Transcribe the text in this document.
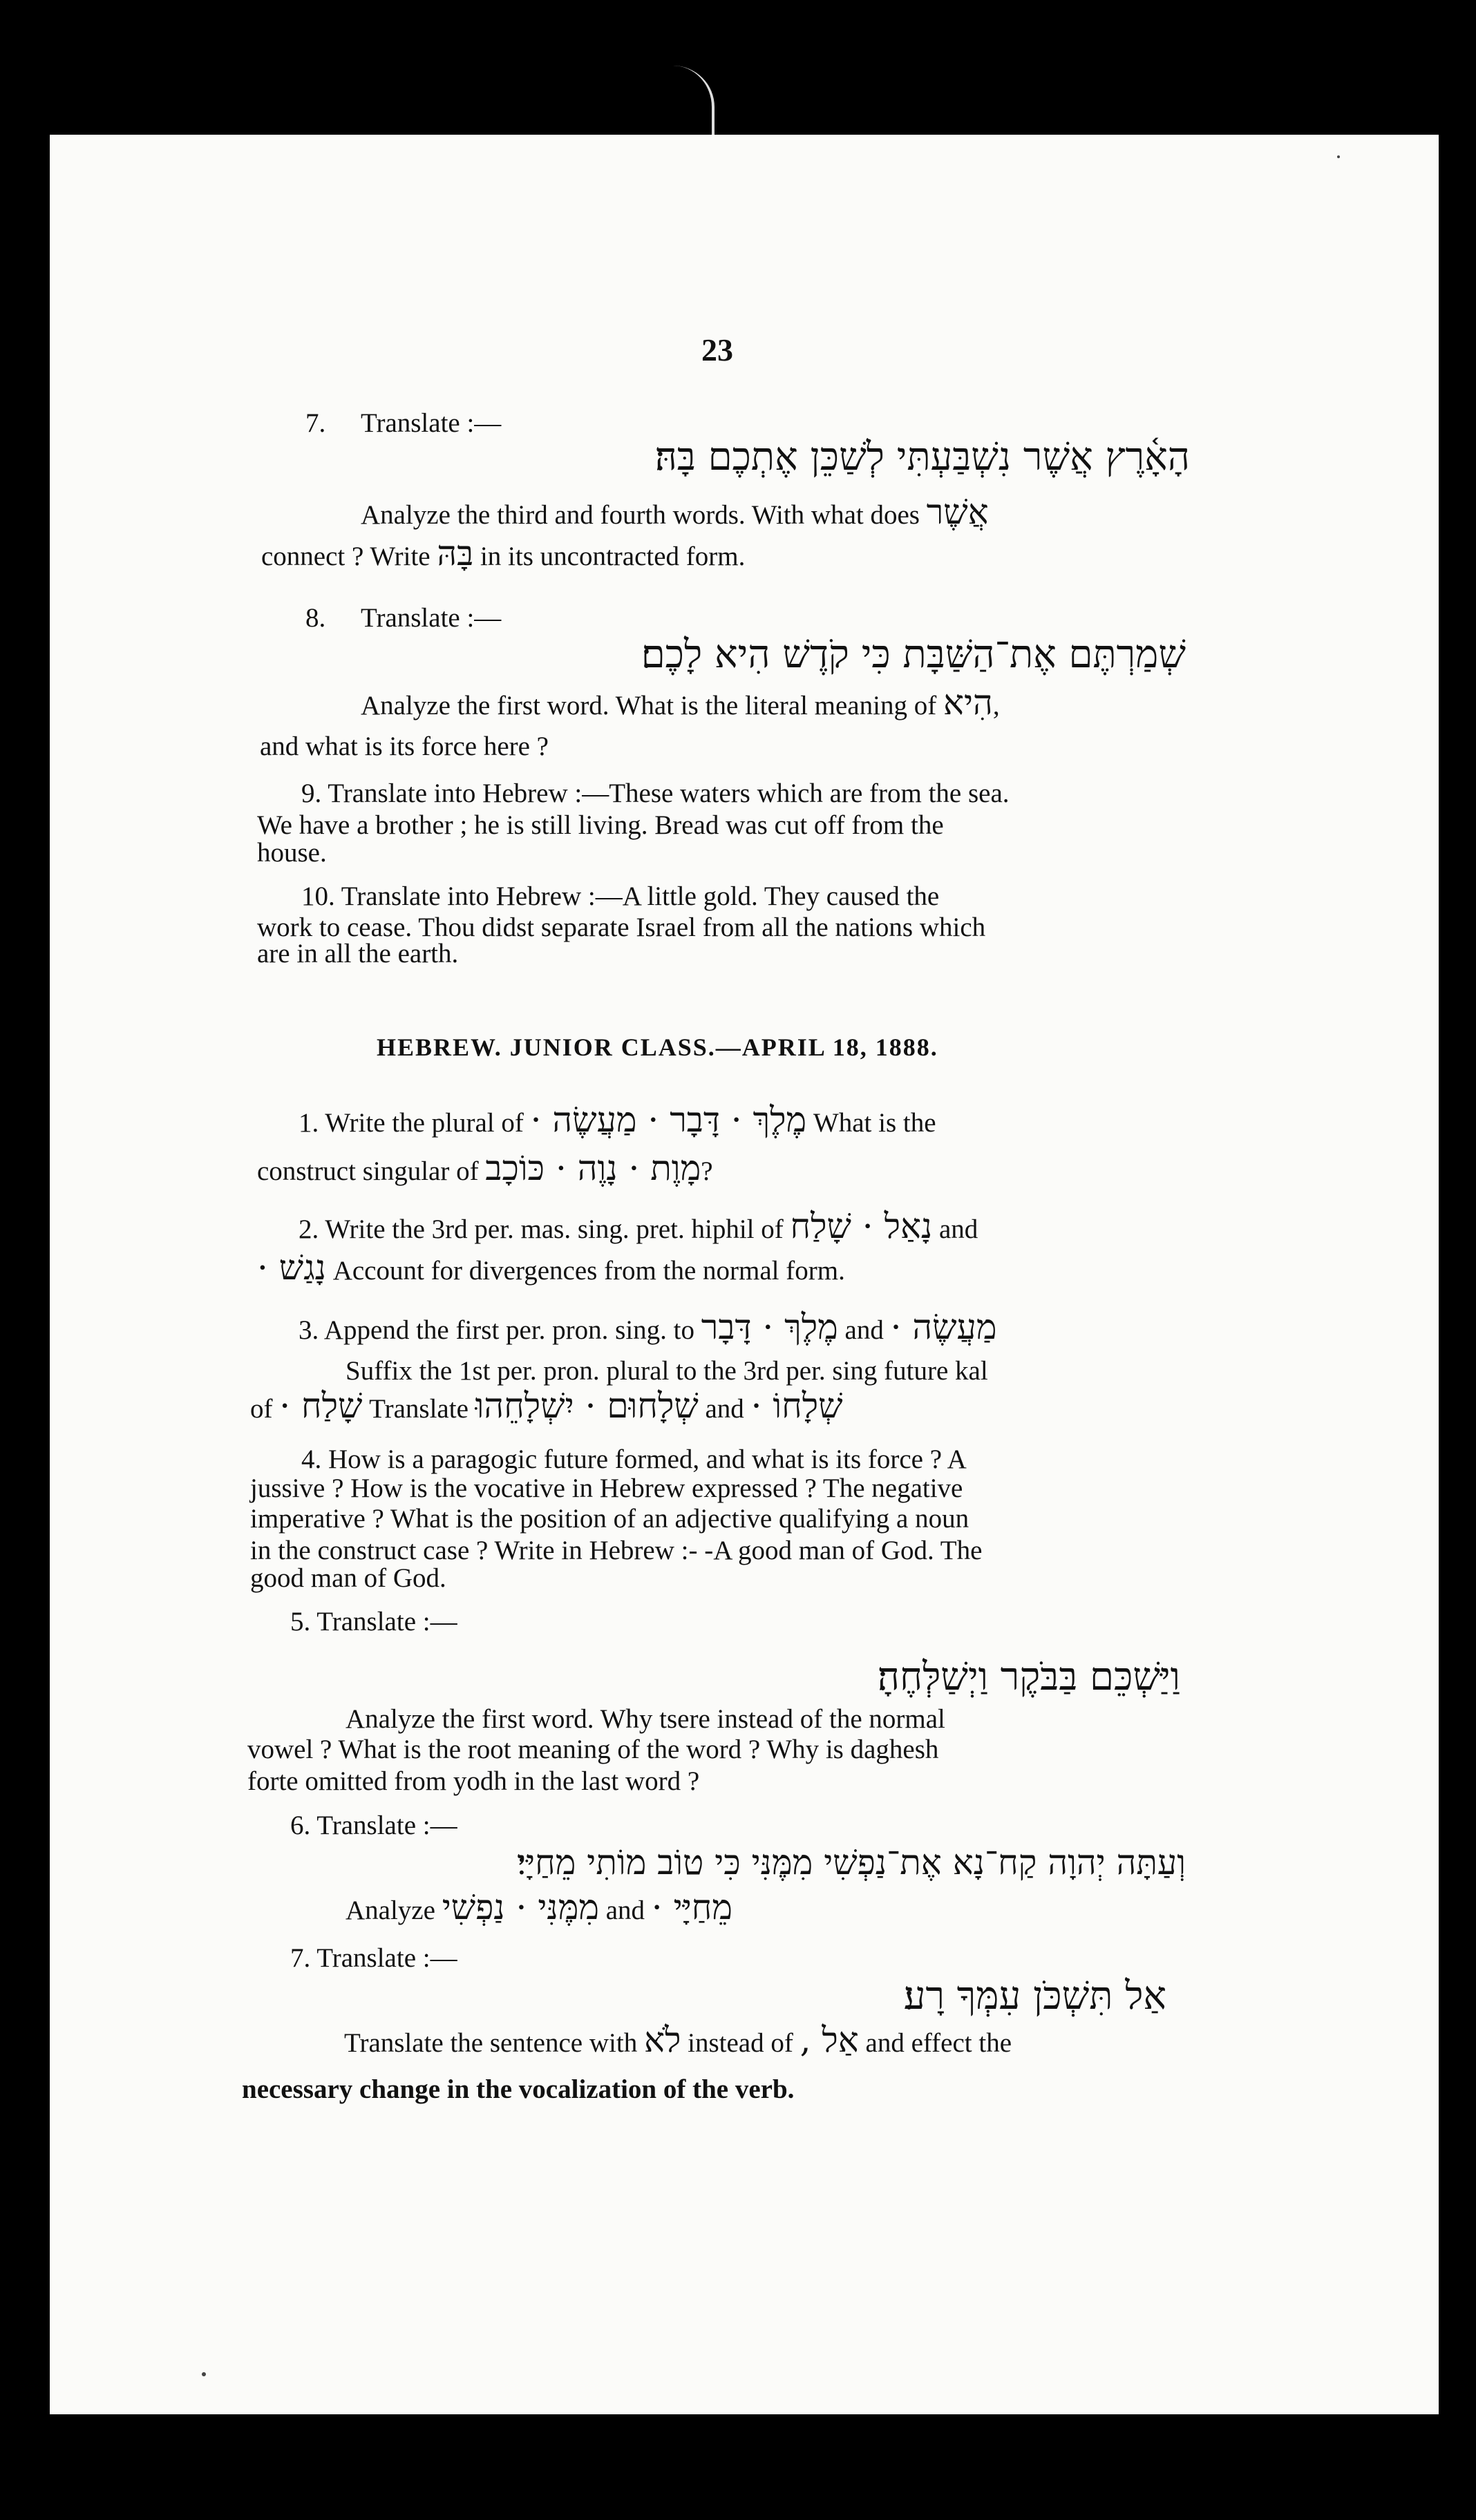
23
7. Translate :—
הָאָ֫רֶץ אֲשֶׁר נִשְׁבַּעְתִּי לְשַׁכֵּן אֶתְכֶם בָּהּ׃
Analyze the third and fourth words. With what does אֲשֶׁר
connect ? Write בָּהּ in its uncontracted form.
8. Translate :—
שְׁמַרְתֶּם אֶת־הַשַּׁבָּת כִּי קֹדֶשׁ הִיא לָכֶם׃
Analyze the first word. What is the literal meaning of הִיא,
and what is its force here ?
9. Translate into Hebrew :—These waters which are from the sea.
We have a brother ; he is still living. Bread was cut off from the
house.
10. Translate into Hebrew :—A little gold. They caused the
work to cease. Thou didst separate Israel from all the nations which
are in all the earth.
HEBREW. JUNIOR CLASS.—APRIL 18, 1888.
1. Write the plural of מֶלֶךְ · דָּבָר · מַעֲשֶׂה · What is the
construct singular of מָוֶת · נָוֶה · כּוֹכָב?
2. Write the 3rd per. mas. sing. pret. hiphil of נָאַל · שָׁלַח and
נָגַשׁ · Account for divergences from the normal form.
3. Append the first per. pron. sing. to מֶלֶךְ · דָּבָר and מַעֲשֶׂה ·
Suffix the 1st per. pron. plural to the 3rd per. sing future kal
of שָׁלַח · Translate שְׁלָחוּם · יִשְׁלָחֵהוּ and שְׁלָחוֹ ·
4. How is a paragogic future formed, and what is its force ? A
jussive ? How is the vocative in Hebrew expressed ? The negative
imperative ? What is the position of an adjective qualifying a noun
in the construct case ? Write in Hebrew :- -A good man of God. The
good man of God.
5. Translate :—
וַיַּשְׁכֵּם בַּבֹּקֶר וַיְשַׁלְּחֶהָ׃
Analyze the first word. Why tsere instead of the normal
vowel ? What is the root meaning of the word ? Why is daghesh
forte omitted from yodh in the last word ?
6. Translate :—
וְעַתָּה יְהוָה קַח־נָא אֶת־נַפְשִׁי מִמֶּנִּי כִּי טוֹב מוֹתִי מֵחַיָּי׃
Analyze מִמֶּנִּי · נַפְשִׁי and מֵחַיָּי ·
7. Translate :—
אַל תִּשְׁכֹּן עִמְּךָ רָע׃
Translate the sentence with לֹא instead of אַל , and effect the
necessary change in the vocalization of the verb.
